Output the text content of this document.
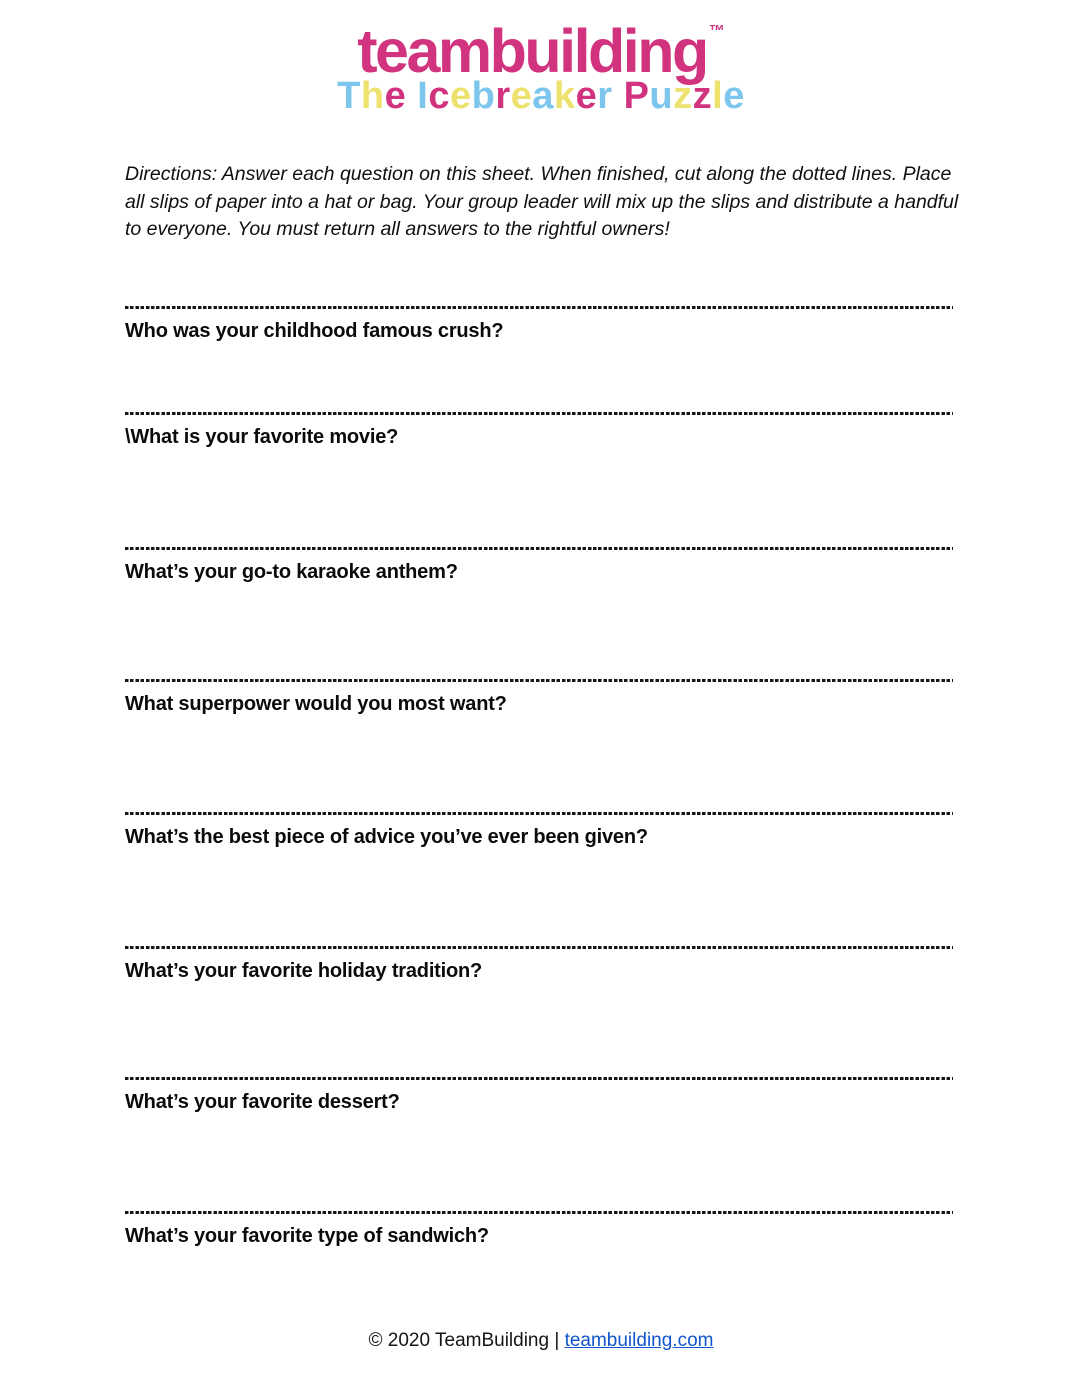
teambuilding ™
The Icebreaker Puzzle
Directions: Answer each question on this sheet. When finished, cut along the dotted lines. Place all slips of paper into a hat or bag. Your group leader will mix up the slips and distribute a handful to everyone. You must return all answers to the rightful owners!
Who was your childhood famous crush?
\What is your favorite movie?
What’s your go-to karaoke anthem?
What superpower would you most want?
What’s the best piece of advice you’ve ever been given?
What’s your favorite holiday tradition?
What’s your favorite dessert?
What’s your favorite type of sandwich?
© 2020 TeamBuilding | teambuilding.com
